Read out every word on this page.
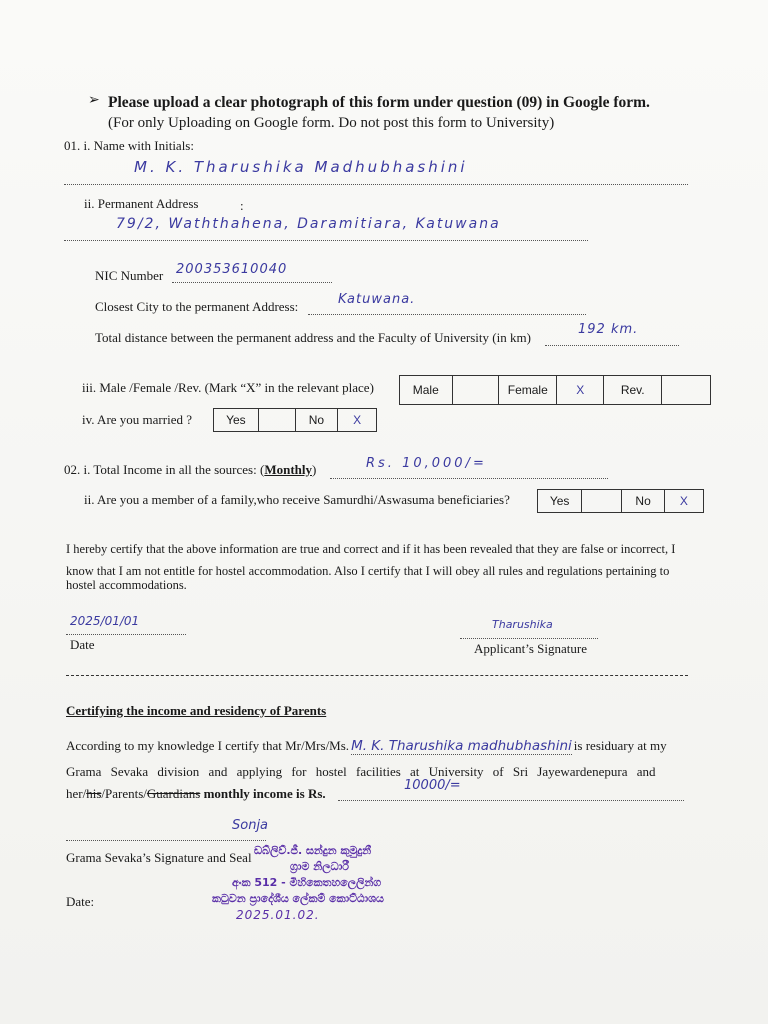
➢ Please upload a clear photograph of this form under question (09) in Google form.
(For only Uploading on Google form. Do not post this form to University)
01. i. Name with Initials:
M. K. Tharushika Madhubhashini
ii. Permanent Address	:
79/2, Waththahena, Daramitiara, Katuwana
NIC Number 200353610040
Closest City to the permanent Address:	Katuwana.
Total distance between the permanent address and the Faculty of University (in km)
192 km.
iii. Male /Female /Rev. (Mark “X” in the relevant place)	Male	Female	X	Rev.
iv. Are you married ?	Yes	No	X
02. i. Total Income in all the sources: (Monthly)	Rs. 10,000/=
ii. Are you a member of a family,who receive Samurdhi/Aswasuma beneficiaries?	Yes	No	X
I hereby certify that the above information are true and correct and if it has been revealed that they are false or incorrect, I
know that I am not entitle for hostel accommodation. Also I certify that I will obey all rules and regulations pertaining to
hostel accommodations.
2025/01/01
Date
Tharushika
Applicant’s Signature
Certifying the income and residency of Parents
According to my knowledge I certify that Mr/Mrs/Ms. M. K. Tharushika madhubhashini is residuary at my
Grama Sevaka division and applying for hostel facilities at University of Sri Jayewardenepura and
her/his/Parents/Guardians monthly income is Rs.
10000/=
Sonja
Grama Sevaka’s Signature and Seal ඩබ්ලිව්.ජී. සන්දුන කුමුදුනී
ග්‍රාම නිලධාරී
අංක 512 - මිහිකෙතහලෙලින්ග
කටුවන ප්‍රාදේශීය ලේකම් කොට්ඨාශය
2025.01.02.
Date:
